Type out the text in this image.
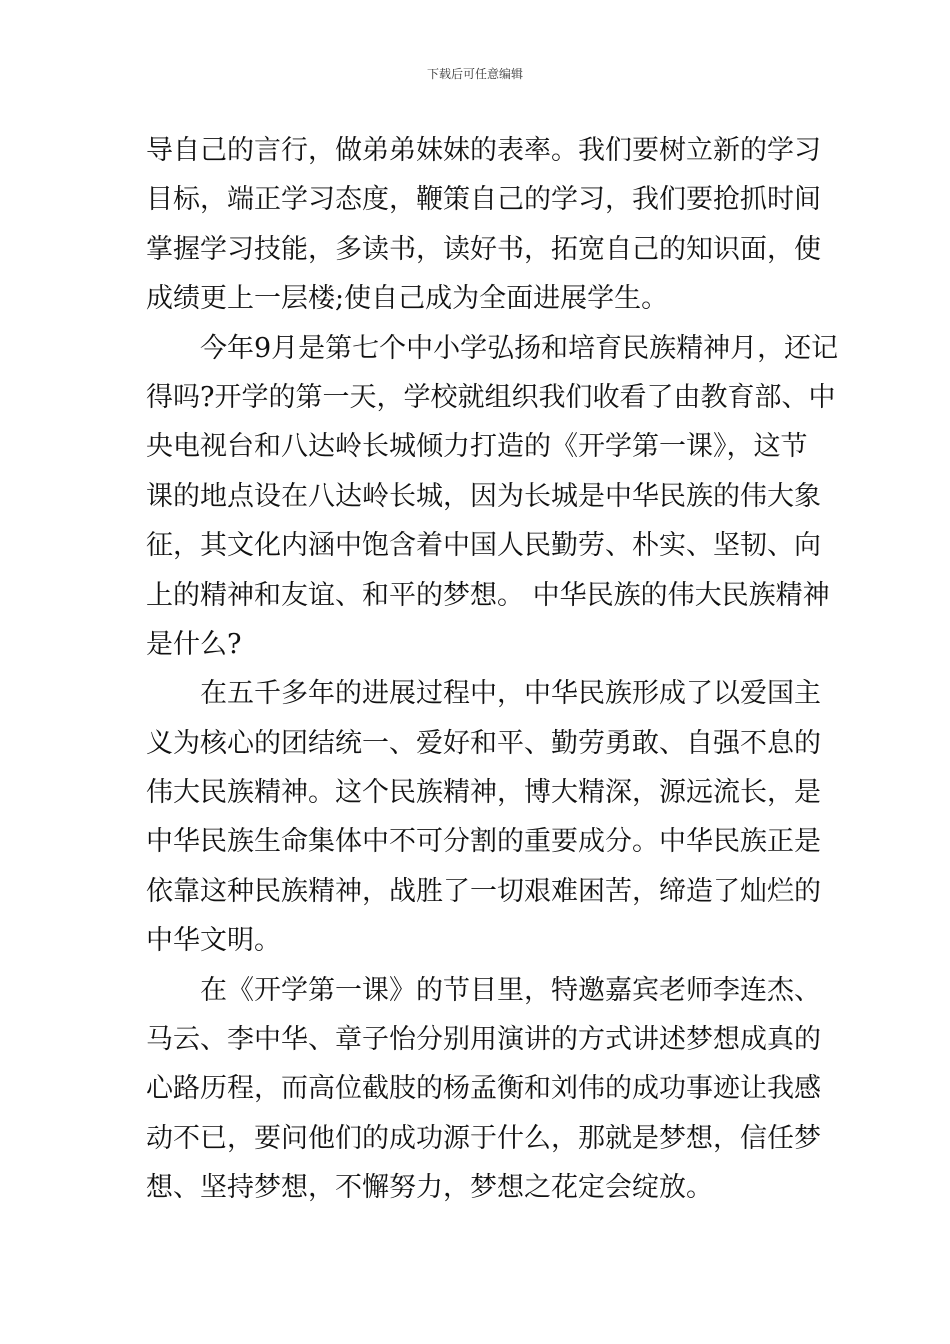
下载后可任意编辑
导自己的言行，做弟弟妹妹的表率。我们要树立新的学习
目标，端正学习态度，鞭策自己的学习，我们要抢抓时间
掌握学习技能，多读书，读好书，拓宽自己的知识面，使
成绩更上一层楼;使自己成为全面进展学生。
今年9月是第七个中小学弘扬和培育民族精神月，还记
得吗?开学的第一天，学校就组织我们收看了由教育部、中
央电视台和八达岭长城倾力打造的《开学第一课》，这节
课的地点设在八达岭长城，因为长城是中华民族的伟大象
征，其文化内涵中饱含着中国人民勤劳、朴实、坚韧、向
上的精神和友谊、和平的梦想。 中华民族的伟大民族精神
是什么?
在五千多年的进展过程中，中华民族形成了以爱国主
义为核心的团结统一、爱好和平、勤劳勇敢、自强不息的
伟大民族精神。这个民族精神，博大精深，源远流长，是
中华民族生命集体中不可分割的重要成分。中华民族正是
依靠这种民族精神，战胜了一切艰难困苦，缔造了灿烂的
中华文明。
在《开学第一课》的节目里，特邀嘉宾老师李连杰、
马云、李中华、章子怡分别用演讲的方式讲述梦想成真的
心路历程，而高位截肢的杨孟衡和刘伟的成功事迹让我感
动不已，要问他们的成功源于什么，那就是梦想，信任梦
想、坚持梦想，不懈努力，梦想之花定会绽放。
